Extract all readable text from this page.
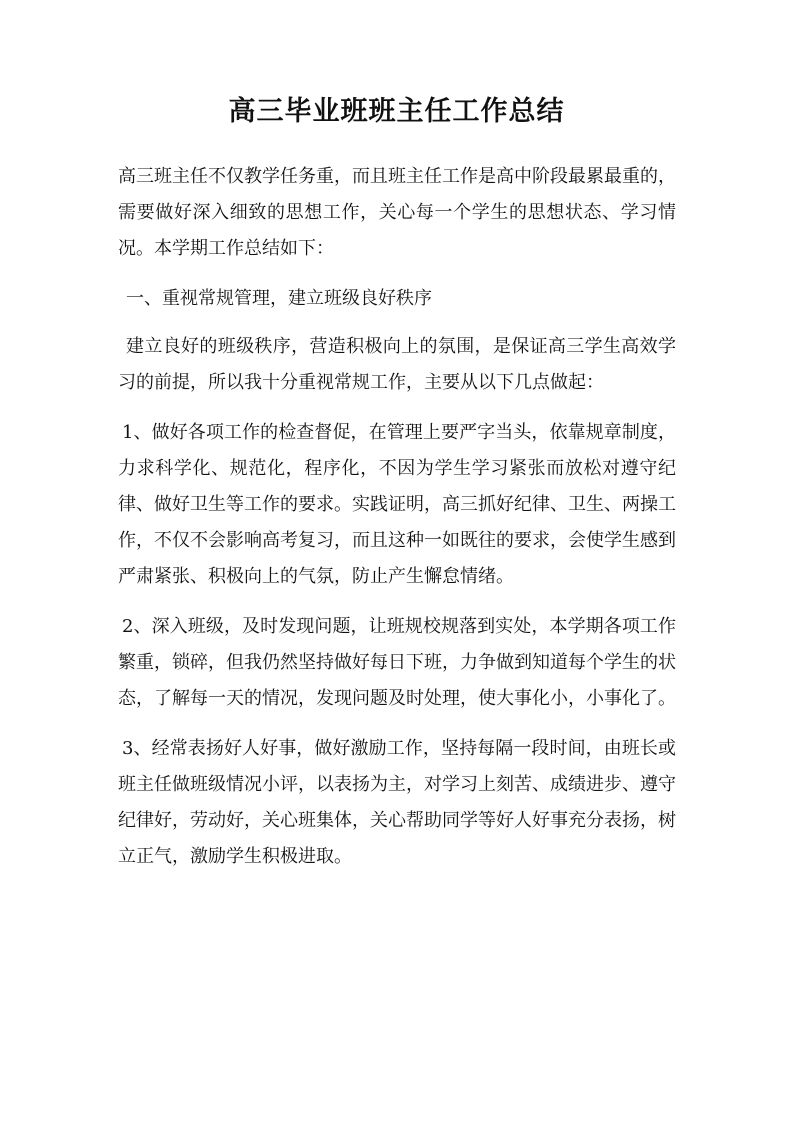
高三毕业班班主任工作总结

高三班主任不仅教学任务重，而且班主任工作是高中阶段最累最重的，需要做好深入细致的思想工作，关心每一个学生的思想状态、学习情况。本学期工作总结如下：

一、重视常规管理，建立班级良好秩序

建立良好的班级秩序，营造积极向上的氛围，是保证高三学生高效学习的前提，所以我十分重视常规工作，主要从以下几点做起：

1、做好各项工作的检查督促，在管理上要严字当头，依靠规章制度，力求科学化、规范化，程序化，不因为学生学习紧张而放松对遵守纪律、做好卫生等工作的要求。实践证明，高三抓好纪律、卫生、两操工作，不仅不会影响高考复习，而且这种一如既往的要求，会使学生感到严肃紧张、积极向上的气氛，防止产生懈怠情绪。

2、深入班级，及时发现问题，让班规校规落到实处，本学期各项工作繁重，锁碎，但我仍然坚持做好每日下班，力争做到知道每个学生的状态，了解每一天的情况，发现问题及时处理，使大事化小，小事化了。

3、经常表扬好人好事，做好激励工作，坚持每隔一段时间，由班长或班主任做班级情况小评，以表扬为主，对学习上刻苦、成绩进步、遵守纪律好，劳动好，关心班集体，关心帮助同学等好人好事充分表扬，树立正气，激励学生积极进取。
